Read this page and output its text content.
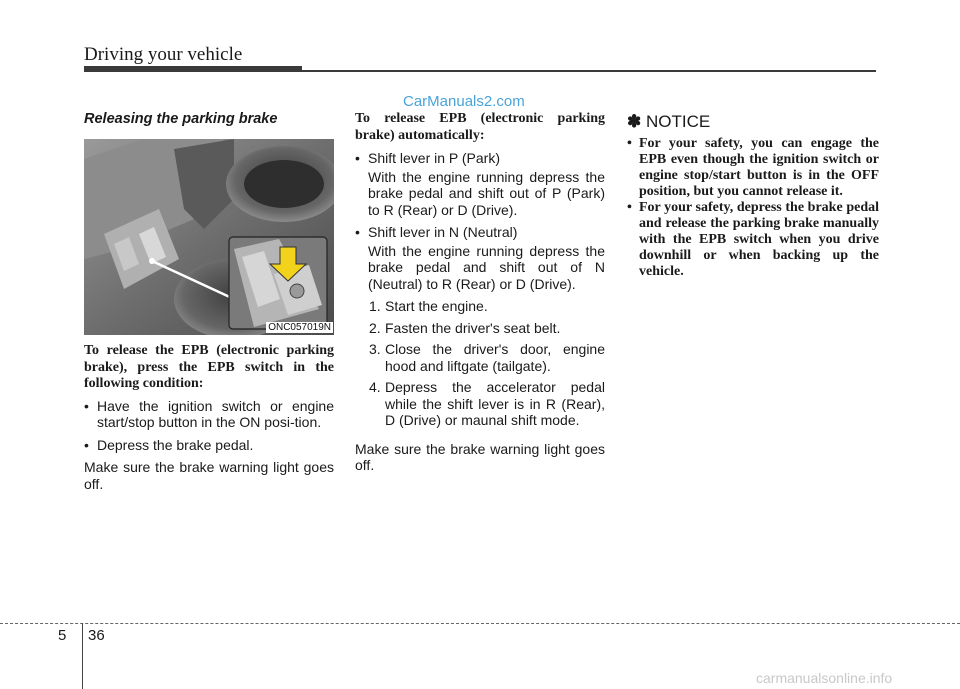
Driving your vehicle
CarManuals2.com
Releasing the parking brake
ONC057019N
To release the EPB (electronic parking brake), press the EPB switch in the following condition:
• Have the ignition switch or engine start/stop button in the ON posi-tion.
• Depress the brake pedal.
Make sure the brake warning light goes off.
To release EPB (electronic parking brake) automatically:
• Shift lever in P (Park)
With the engine running depress the brake pedal and shift out of P (Park) to R (Rear) or D (Drive).
• Shift lever in N (Neutral)
With the engine running depress the brake pedal and shift out of N (Neutral) to R (Rear) or D (Drive).
1. Start the engine.
2. Fasten the driver's seat belt.
3. Close the driver's door, engine hood and liftgate (tailgate).
4. Depress the accelerator pedal while the shift lever is in R (Rear), D (Drive) or maunal shift mode.
Make sure the brake warning light goes off.
✽ NOTICE
• For your safety, you can engage the EPB even though the ignition switch or engine stop/start button is in the OFF position, but you cannot release it.
• For your safety, depress the brake pedal and release the parking brake manually with the EPB switch when you drive downhill or when backing up the vehicle.
5 36
carmanualsonline.info
